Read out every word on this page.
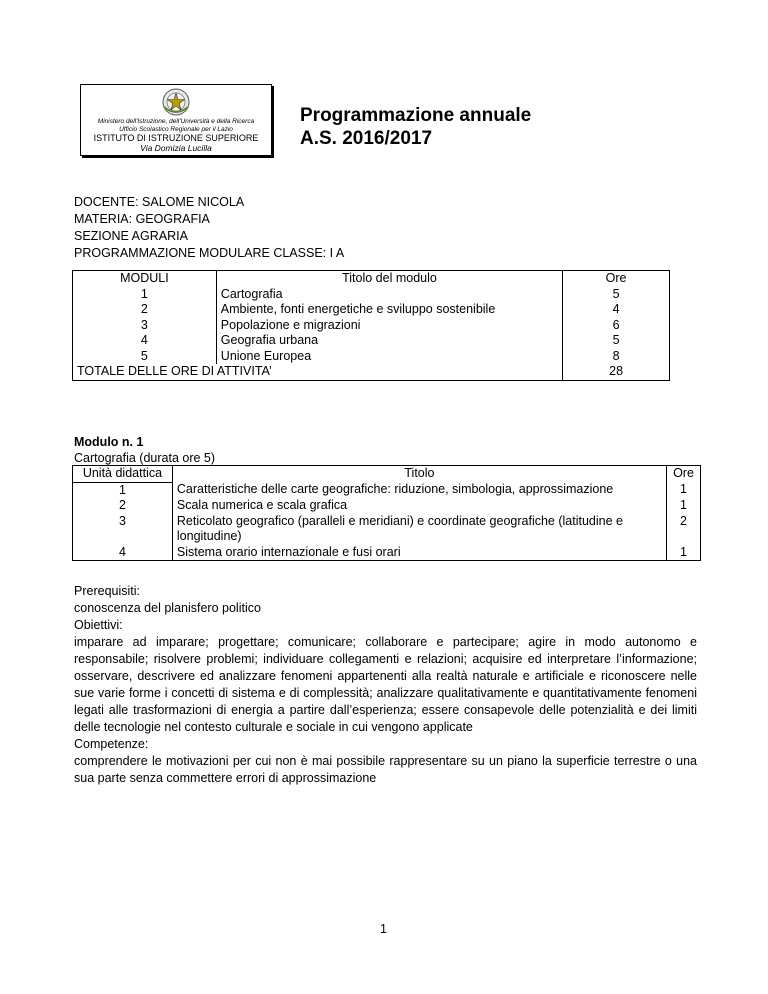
Ministero dell'Istruzione, dell'Università e della Ricerca
Ufficio Scolastico Regionale per il Lazio
ISTITUTO DI ISTRUZIONE SUPERIORE
Via Domizia Lucilla
Programmazione annuale
A.S. 2016/2017
DOCENTE: SALOME NICOLA
MATERIA: GEOGRAFIA
SEZIONE AGRARIA
PROGRAMMAZIONE MODULARE CLASSE: I A
MODULI	Titolo del modulo	Ore
1	Cartografia	5
2	Ambiente, fonti energetiche e sviluppo sostenibile	4
3	Popolazione e migrazioni	6
4	Geografia urbana	5
5	Unione Europea	8
TOTALE DELLE ORE DI ATTIVITA’		28
Modulo n. 1
Cartografia (durata ore 5)
Unità didattica	Titolo	Ore
1	Caratteristiche delle carte geografiche: riduzione, simbologia, approssimazione	1
2	Scala numerica e scala grafica	1
3	Reticolato geografico (paralleli e meridiani) e coordinate geografiche (latitudine e longitudine)	2
4	Sistema orario internazionale e fusi orari	1

Prerequisiti:

conoscenza del planisfero politico

Obiettivi:

imparare ad imparare; progettare; comunicare; collaborare e partecipare; agire in modo autonomo e responsabile; risolvere problemi; individuare collegamenti e relazioni; acquisire ed interpretare l’informazione; osservare, descrivere ed analizzare fenomeni appartenenti alla realtà naturale e artificiale e riconoscere nelle sue varie forme i concetti di sistema e di complessità; analizzare qualitativamente e quantitativamente fenomeni legati alle trasformazioni di energia a partire dall’esperienza; essere consapevole delle potenzialità e dei limiti delle tecnologie nel contesto culturale e sociale in cui vengono applicate

Competenze:

comprendere le motivazioni per cui non è mai possibile rappresentare su un piano la superficie terrestre o una sua parte senza commettere errori di approssimazione

1
